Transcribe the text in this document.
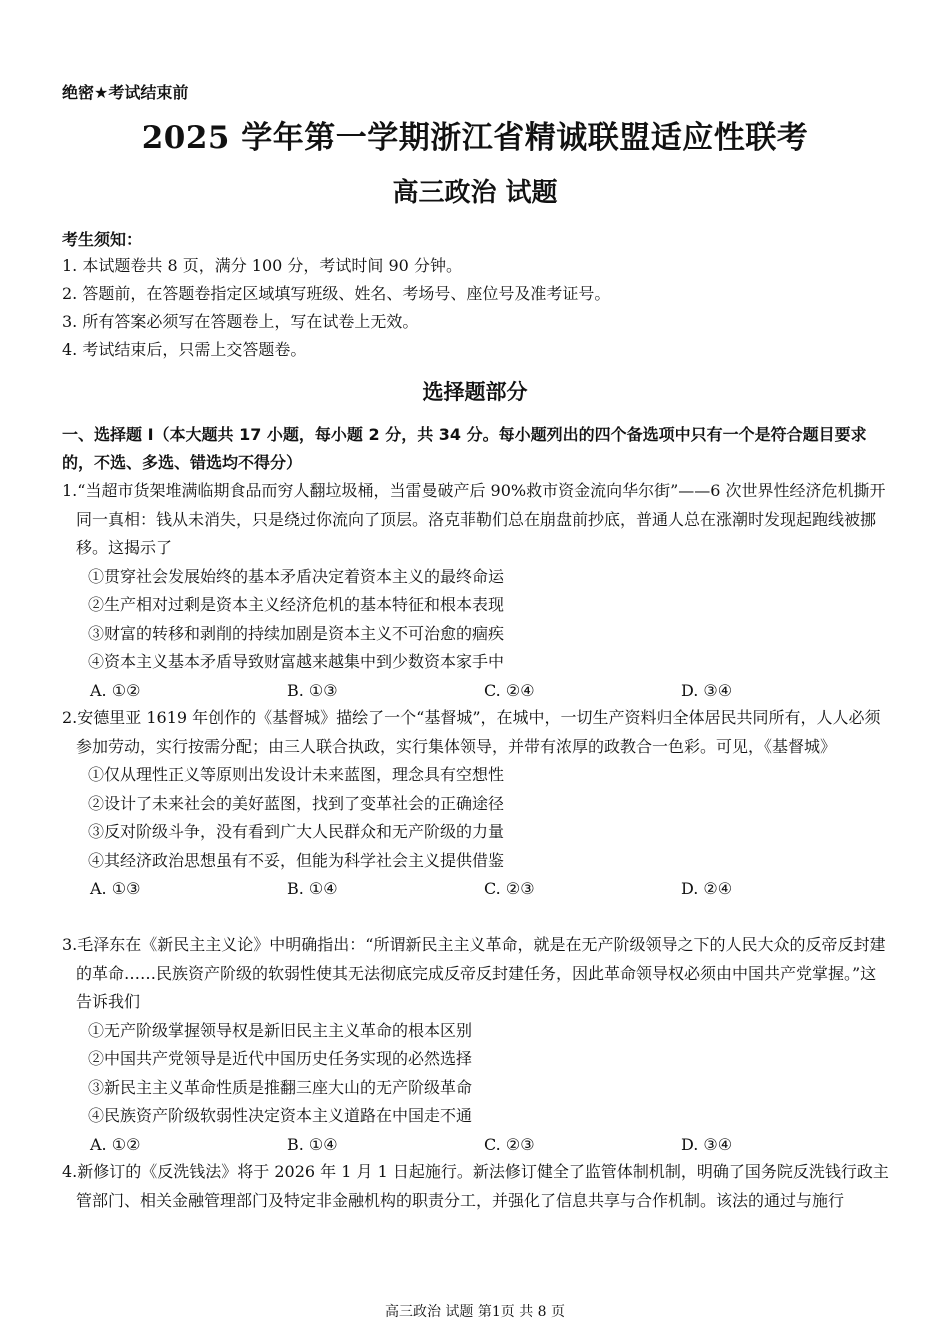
绝密★考试结束前
2025 学年第一学期浙江省精诚联盟适应性联考
高三政治 试题
考生须知：
1. 本试题卷共 8 页，满分 100 分，考试时间 90 分钟。
2. 答题前，在答题卷指定区域填写班级、姓名、考场号、座位号及准考证号。
3. 所有答案必须写在答题卷上，写在试卷上无效。
4. 考试结束后，只需上交答题卷。
选择题部分
一、选择题 I（本大题共 17 小题，每小题 2 分，共 34 分。每小题列出的四个备选项中只有一个是符合题目要求的，不选、多选、错选均不得分）
1.“当超市货架堆满临期食品而穷人翻垃圾桶，当雷曼破产后 90%救市资金流向华尔街”——6 次世界性经济危机撕开同一真相：钱从未消失，只是绕过你流向了顶层。洛克菲勒们总在崩盘前抄底，普通人总在涨潮时发现起跑线被挪移。这揭示了
①贯穿社会发展始终的基本矛盾决定着资本主义的最终命运
②生产相对过剩是资本主义经济危机的基本特征和根本表现
③财富的转移和剥削的持续加剧是资本主义不可治愈的痼疾
④资本主义基本矛盾导致财富越来越集中到少数资本家手中
A. ①②	B. ①③	C. ②④	D. ③④
2.安德里亚 1619 年创作的《基督城》描绘了一个“基督城”，在城中，一切生产资料归全体居民共同所有，人人必须参加劳动，实行按需分配；由三人联合执政，实行集体领导，并带有浓厚的政教合一色彩。可见，《基督城》
①仅从理性正义等原则出发设计未来蓝图，理念具有空想性
②设计了未来社会的美好蓝图，找到了变革社会的正确途径
③反对阶级斗争，没有看到广大人民群众和无产阶级的力量
④其经济政治思想虽有不妥，但能为科学社会主义提供借鉴
A. ①③	B. ①④	C. ②③	D. ②④
3.毛泽东在《新民主主义论》中明确指出：“所谓新民主主义革命，就是在无产阶级领导之下的人民大众的反帝反封建的革命……民族资产阶级的软弱性使其无法彻底完成反帝反封建任务，因此革命领导权必须由中国共产党掌握。”这告诉我们
①无产阶级掌握领导权是新旧民主主义革命的根本区别
②中国共产党领导是近代中国历史任务实现的必然选择
③新民主主义革命性质是推翻三座大山的无产阶级革命
④民族资产阶级软弱性决定资本主义道路在中国走不通
A. ①②	B. ①④	C. ②③	D. ③④
4.新修订的《反洗钱法》将于 2026 年 1 月 1 日起施行。新法修订健全了监管体制机制，明确了国务院反洗钱行政主管部门、相关金融管理部门及特定非金融机构的职责分工，并强化了信息共享与合作机制。该法的通过与施行
高三政治 试题 第1页 共 8 页
